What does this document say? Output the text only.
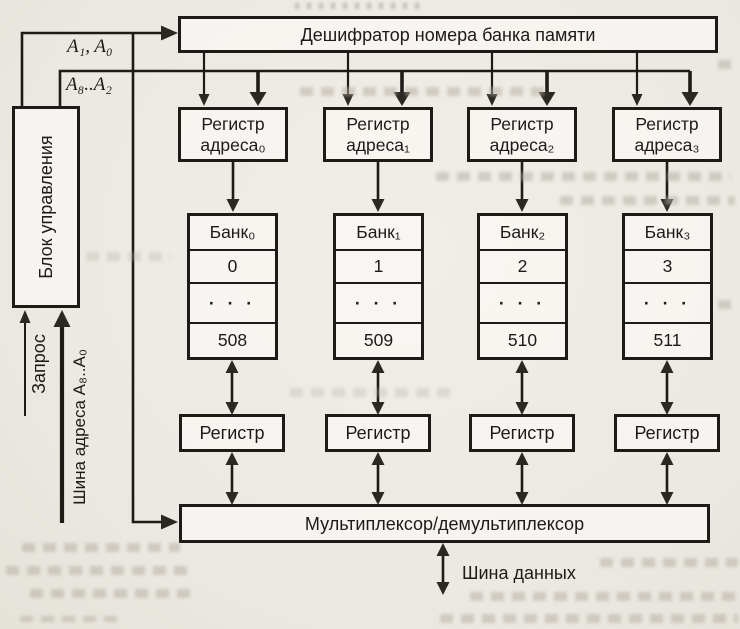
Дешифратор номера банка памяти
Блок управления
A₁, A₀
A₈..A₂
Запрос Шина адреса A₈..A₀
Регистр
адреса₀
Регистр
адреса₁
Регистр
адреса₂
Регистр
адреса₃
Банк₀
0
· · ·
508
Банк₁
1
· · ·
509
Банк₂
2
· · ·
510
Банк₃
3
· · ·
511
Регистр	Регистр	Регистр	Регистр
Мультиплексор/демультиплексор
Шина данных
